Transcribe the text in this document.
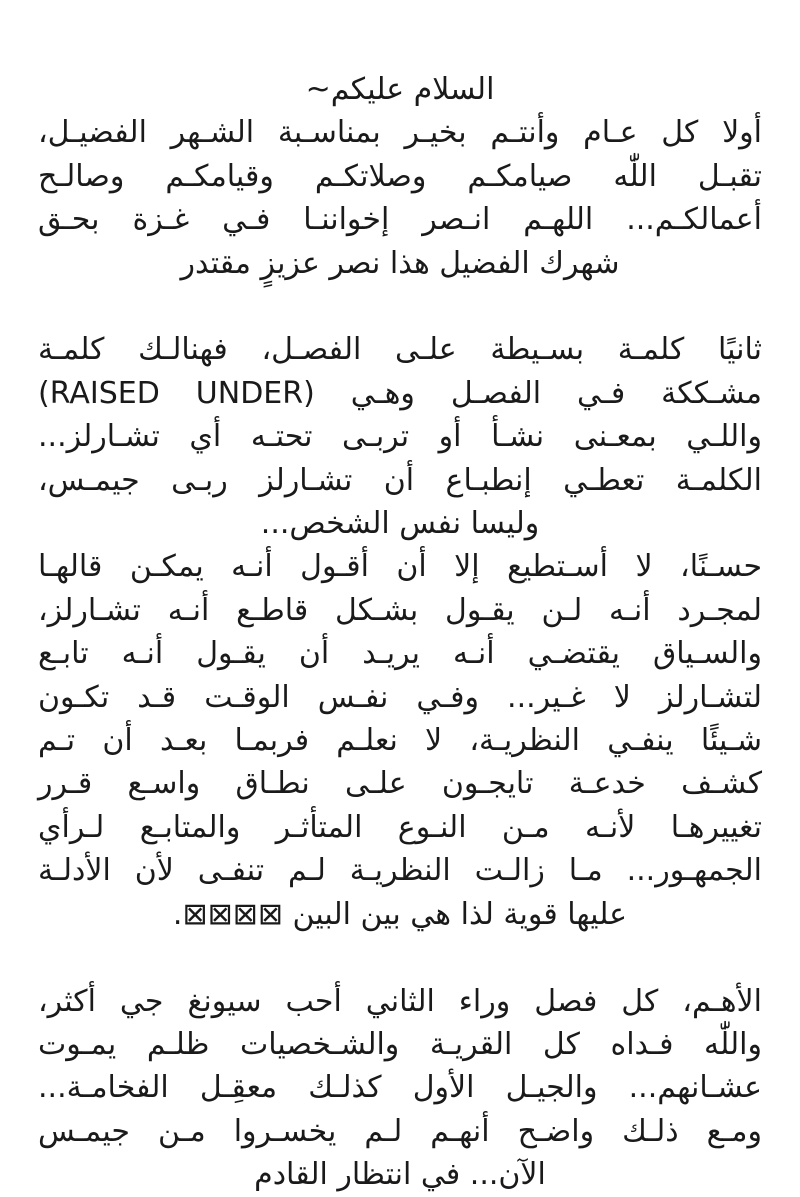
السلام عليكم~
أولا كل عـام وأنتـم بخيـر بمناسـبة الشـهر الفضيـل،
تقبـل اللّٰه صيامكـم وصلاتكـم وقيامكـم وصالـح
أعمالكـم... اللهـم انـصر إخواننـا فـي غـزة بحـق
شهرك الفضيل هذا نصر عزيزٍ مقتدر
ثانيًا كلمـة بسـيطة علـى الفصـل، فهنالـك كلمـة
مشـككة فـي الفصـل وهـي (RAISED UNDER)
واللـي بمعـنى نشـأ أو تربـى تحتـه أي تشـارلز...
الكلمـة تعطـي إنطبـاع أن تشـارلز ربـى جيمـس،
وليسا نفس الشخص...
حسـنًا، لا أسـتطيع إلا أن أقـول أنـه يمكـن قالهـا
لمجـرد أنـه لـن يقـول بشـكل قاطـع أنـه تشـارلز،
والسـياق يقتضـي أنـه يريـد أن يقـول أنـه تابـع
لتشـارلز لا غـير... وفـي نفـس الوقـت قـد تكـون
شـيئًا ينفـي النظريـة، لا نعلـم فربمـا بعـد أن تـم
كشـف خدعـة تايجـون علـى نطـاق واسـع قـرر
تغييرهـا لأنـه مـن النـوع المتأثـر والمتابـع لـرأي
الجمهـور... مـا زالـت النظريـة لـم تنفـى لأن الأدلـة
عليها قوية لذا هي بين البين ⊠⊠⊠⊠.
الأهـم، كل فصل وراء الثاني أحب سيونغ جي أكثر،
واللّٰه فـداه كل القريـة والشـخصيات ظلـم يمـوت
عشـانهم... والجيـل الأول كذلـك معقِـل الفخامـة...
ومـع ذلـك واضـح أنهـم لـم يخسـروا مـن جيمـس
الآن... في انتظار القادم
